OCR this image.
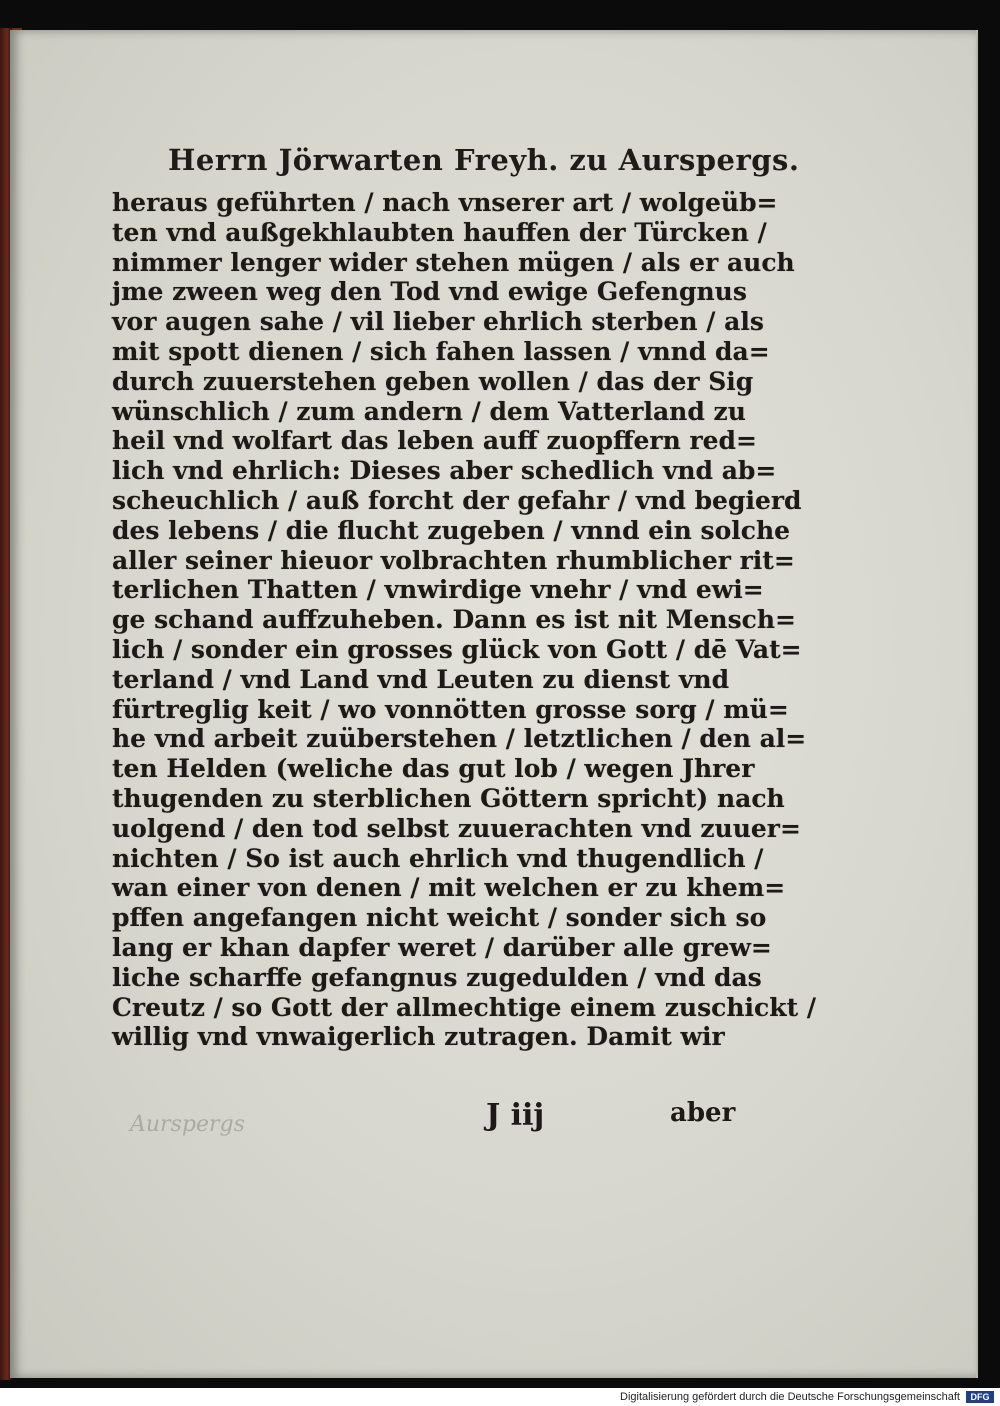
Aurspergs
Herrn Jörwarten Freyh. zu Aurspergs.
heraus geführten / nach vnserer art / wolgeüb=
ten vnd außgekhlaubten hauffen der Türcken /
nimmer lenger wider stehen mügen / als er auch
jme zween weg den Tod vnd ewige Gefengnus
vor augen sahe / vil lieber ehrlich sterben / als
mit spott dienen / sich fahen lassen / vnnd da=
durch zuuerstehen geben wollen / das der Sig
wünschlich / zum andern / dem Vatterland zu
heil vnd wolfart das leben auff zuopffern red=
lich vnd ehrlich: Dieses aber schedlich vnd ab=
scheuchlich / auß forcht der gefahr / vnd begierd
des lebens / die flucht zugeben / vnnd ein solche
aller seiner hieuor volbrachten rhumblicher rit=
terlichen Thatten / vnwirdige vnehr / vnd ewi=
ge schand auffzuheben. Dann es ist nit Mensch=
lich / sonder ein grosses glück von Gott / dē Vat=
terland / vnd Land vnd Leuten zu dienst vnd
fürtreglig keit / wo vonnötten grosse sorg / mü=
he vnd arbeit zuüberstehen / letztlichen / den al=
ten Helden (weliche das gut lob / wegen Jhrer
thugenden zu sterblichen Göttern spricht) nach
uolgend / den tod selbst zuuerachten vnd zuuer=
nichten / So ist auch ehrlich vnd thugendlich /
wan einer von denen / mit welchen er zu khem=
pffen angefangen nicht weicht / sonder sich so
lang er khan dapfer weret / darüber alle grew=
liche scharffe gefangnus zugedulden / vnd das
Creutz / so Gott der allmechtige einem zuschickt /
willig vnd vnwaigerlich zutragen. Damit wir
J iij	aber
Digitalisierung gefördert durch die Deutsche Forschungsgemeinschaft	DFG
